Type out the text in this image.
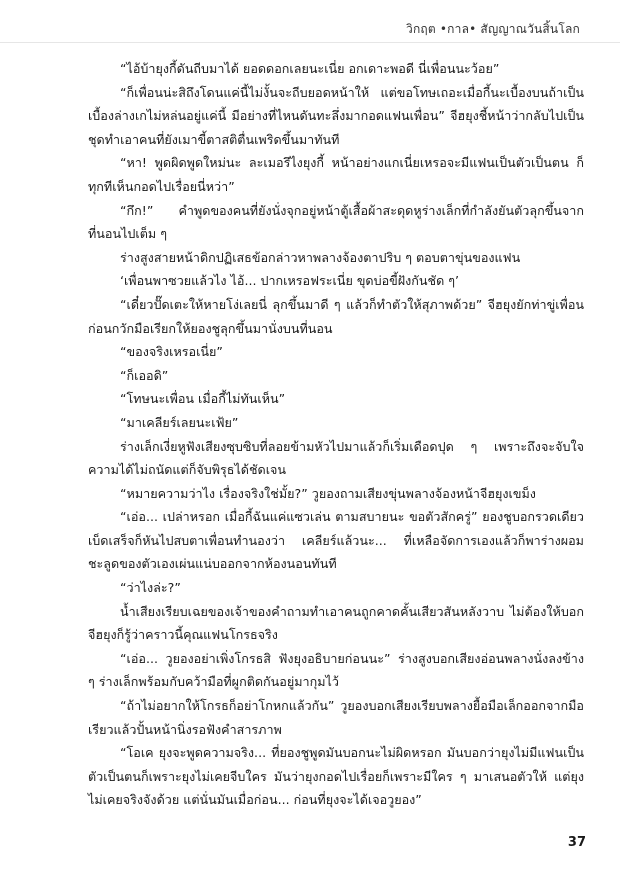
วิกฤต •กาล• สัญญาณวันสิ้นโลก

“ไอ้บ้ายุงกี้ดันถีบมาได้ ยอดดอกเลยนะเนี่ย อกเดาะพอดี นี่เพื่อนนะว้อย”

“ก็เพื่อนน่ะสิถึงโดนแค่นี้ไม่งั้นจะถีบยอดหน้าให้ แต่ขอโทษเถอะเมื่อกี้นะเบื้องบนถ้าเป็นเบื้องล่างเกไม่หล่นอยู่แค่นี้ มีอย่างที่ไหนดันทะลึ่งมากอดแฟนเพื่อน” จีฮยุงชี้หน้าว่ากลับไปเป็นชุดทำเอาคนที่ยังเมาขี้ตาสติตื่นเพริดขึ้นมาทันที

“หา! พูดผิดพูดใหม่นะ ละเมอรึไงยุงกี้ หน้าอย่างแกเนี่ยเหรอจะมีแฟนเป็นตัวเป็นตน ก็ทุกทีเห็นกอดไปเรื่อยนี่หว่า”

“กึก!” คำพูดของคนที่ยังนั่งจุกอยู่หน้าตู้เสื้อผ้าสะดุดหูร่างเล็กที่กำลังยันตัวลุกขึ้นจากที่นอนไปเต็ม ๆ

ร่างสูงสายหน้าดิกปฏิเสธข้อกล่าวหาพลางจ้องตาปริบ ๆ ตอบตาขุ่นของแฟน

‘เพื่อนพาซวยแล้วไง ไอ้... ปากเหรอฟระเนี่ย ขุดบ่อขี้ฝังกันชัด ๆ’

“เดี๋ยวปั๊ดเตะให้หายโง่เลยนี่ ลุกขึ้นมาดี ๆ แล้วก็ทำตัวให้สุภาพด้วย” จีฮยุงยักท่าขู่เพื่อนก่อนกวักมือเรียกให้ยองชูลุกขึ้นมานั่งบนที่นอน

“ของจริงเหรอเนี่ย”

“ก็เออดิ”

“โทษนะเพื่อน เมื่อกี้ไม่ทันเห็น”

“มาเคลียร์เลยนะเฟ้ย”

ร่างเล็กเงี่ยหูฟังเสียงซุบซิบที่ลอยข้ามหัวไปมาแล้วก็เริ่มเดือดปุด ๆ เพราะถึงจะจับใจความได้ไม่ถนัดแต่ก็จับพิรุธได้ชัดเจน

“หมายความว่าไง เรื่องจริงใช่มั้ย?” วูยองถามเสียงขุ่นพลางจ้องหน้าจีฮยุงเขม็ง

“เอ่อ... เปล่าหรอก เมื่อกี้ฉันแค่แซวเล่น ตามสบายนะ ขอตัวสักครู่” ยองชูบอกรวดเดียวเบ็ดเสร็จก็หันไปสบตาเพื่อนทำนองว่า เคลียร์แล้วนะ... ที่เหลือจัดการเองแล้วก็พาร่างผอมชะลูดของตัวเองเผ่นแน่บออกจากห้องนอนทันที

“ว่าไงล่ะ?”

น้ำเสียงเรียบเฉยของเจ้าของคำถามทำเอาคนถูกคาดคั้นเสียวสันหลังวาบ ไม่ต้องให้บอกจีฮยุงก็รู้ว่าคราวนี้คุณแฟนโกรธจริง

“เอ่อ... วูยองอย่าเพิ่งโกรธสิ ฟังยุงอธิบายก่อนนะ” ร่างสูงบอกเสียงอ่อนพลางนั่งลงข้าง ๆ ร่างเล็กพร้อมกับคว้ามือที่ผูกติดกันอยู่มากุมไว้

“ถ้าไม่อยากให้โกรธก็อย่าโกหกแล้วกัน” วูยองบอกเสียงเรียบพลางยื้อมือเล็กออกจากมือเรียวแล้วปั้นหน้านิ่งรอฟังคำสารภาพ

“โอเค ยุงจะพูดความจริง... ที่ยองชูพูดมันบอกนะไม่ผิดหรอก มันบอกว่ายุงไม่มีแฟนเป็นตัวเป็นตนก็เพราะยุงไม่เคยจีบใคร มันว่ายุงกอดไปเรื่อยก็เพราะมีใคร ๆ มาเสนอตัวให้ แต่ยุงไม่เคยจริงจังด้วย แต่นั่นมันเมื่อก่อน... ก่อนที่ยุงจะได้เจอวูยอง”

37
